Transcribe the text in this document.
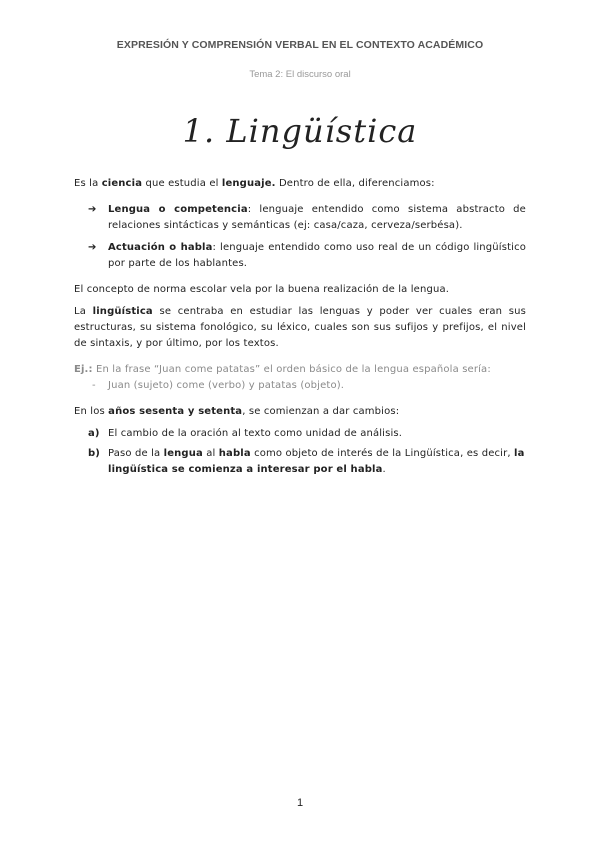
EXPRESIÓN Y COMPRENSIÓN VERBAL EN EL CONTEXTO ACADÉMICO
Tema 2: El discurso oral
1. Lingüística

Es la ciencia que estudia el lenguaje. Dentro de ella, diferenciamos:

➔ Lengua o competencia: lenguaje entendido como sistema abstracto de relaciones sintácticas y semánticas (ej: casa/caza, cerveza/serbésa).
➔ Actuación o habla: lenguaje entendido como uso real de un código lingüístico por parte de los hablantes.

El concepto de norma escolar vela por la buena realización de la lengua.

La lingüística se centraba en estudiar las lenguas y poder ver cuales eran sus estructuras, su sistema fonológico, su léxico, cuales son sus sufijos y prefijos, el nivel de sintaxis, y por último, por los textos.

Ej.: En la frase “Juan come patatas” el orden básico de la lengua española sería:

- Juan (sujeto) come (verbo) y patatas (objeto).

En los años sesenta y setenta, se comienzan a dar cambios:

a) El cambio de la oración al texto como unidad de análisis.
b) Paso de la lengua al habla como objeto de interés de la Lingüística, es decir, la lingüística se comienza a interesar por el habla.
1
